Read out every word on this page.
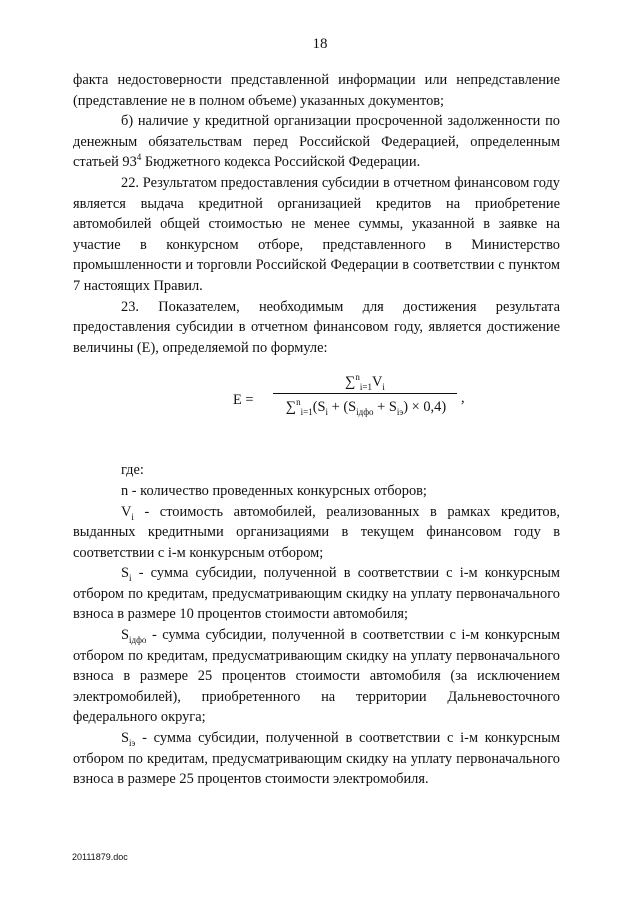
18

факта недостоверности представленной информации или непредставление (представление не в полном объеме) указанных документов;

б) наличие у кредитной организации просроченной задолженности по денежным обязательствам перед Российской Федерацией, определенным статьей $93^4$ Бюджетного кодекса Российской Федерации.

22. Результатом предоставления субсидии в отчетном финансовом году является выдача кредитной организацией кредитов на приобретение автомобилей общей стоимостью не менее суммы, указанной в заявке на участие в конкурсном отборе, представленного в Министерство промышленности и торговли Российской Федерации в соответствии с пунктом 7 настоящих Правил.

23. Показателем, необходимым для достижения результата предоставления субсидии в отчетном финансовом году, является достижение величины (E), определяемой по формуле:

E =
$\sum^n_{i=1}V_i$
$\sum^n_{i=1}(S_i + (S_{iдфо} + S_{iэ}) \times 0,4)$
,

где:

n - количество проведенных конкурсных отборов;

$V_i$ - стоимость автомобилей, реализованных в рамках кредитов, выданных кредитными организациями в текущем финансовом году в соответствии с i-м конкурсным отбором;

$S_i$ - сумма субсидии, полученной в соответствии с i-м конкурсным отбором по кредитам, предусматривающим скидку на уплату первоначального взноса в размере 10 процентов стоимости автомобиля;

$S_{iдфо}$ - сумма субсидии, полученной в соответствии с i-м конкурсным отбором по кредитам, предусматривающим скидку на уплату первоначального взноса в размере 25 процентов стоимости автомобиля (за исключением электромобилей), приобретенного на территории Дальневосточного федерального округа;

$S_{iэ}$ - сумма субсидии, полученной в соответствии с i-м конкурсным отбором по кредитам, предусматривающим скидку на уплату первоначального взноса в размере 25 процентов стоимости электромобиля.

20111879.doc
